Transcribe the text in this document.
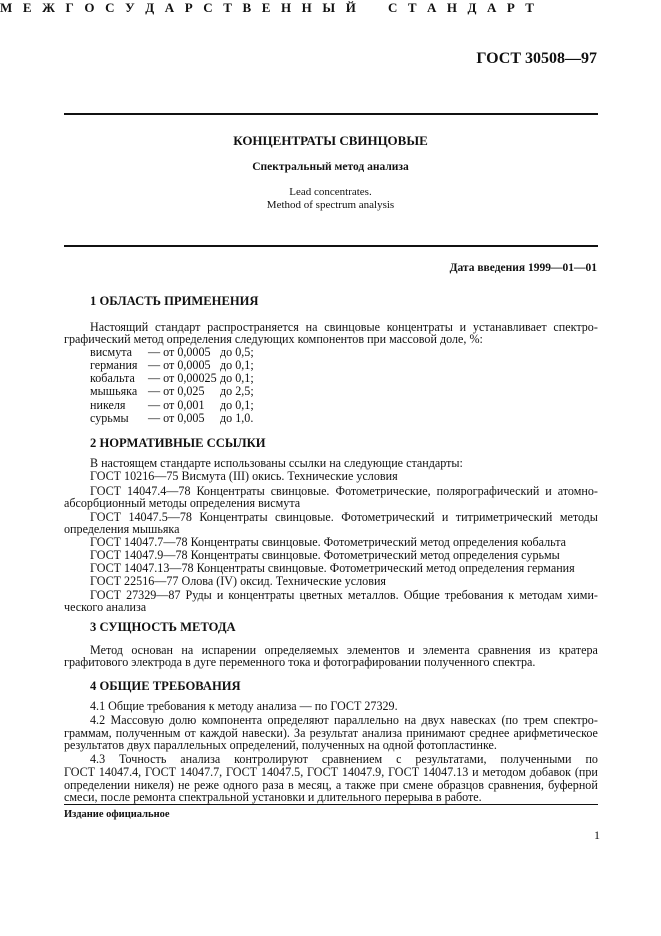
ГОСТ 30508—97
М Е Ж Г О С У Д А Р С Т В Е Н Н Ы Й С Т А Н Д А Р Т
КОНЦЕНТРАТЫ СВИНЦОВЫЕ
Спектральный метод анализа
Lead concentrates.
Method of spectrum analysis
Дата введения 1999—01—01
1 ОБЛАСТЬ ПРИМЕНЕНИЯ
Настоящий стандарт распространяется на свинцовые концентраты и устанавливает спектро-
графический метод определения следующих компонентов при массовой доле, %:
висмута — от 0,0005 до 0,5;
германия — от 0,0005 до 0,1;
кобальта — от 0,00025 до 0,1;
мышьяка — от 0,025 до 2,5;
никеля — от 0,001 до 0,1;
сурьмы — от 0,005 до 1,0.
2 НОРМАТИВНЫЕ ССЫЛКИ
В настоящем стандарте использованы ссылки на следующие стандарты:
ГОСТ 10216—75 Висмута (III) окись. Технические условия
ГОСТ 14047.4—78 Концентраты свинцовые. Фотометрические, полярографический и атомно-
абсорбционный методы определения висмута
ГОСТ 14047.5—78 Концентраты свинцовые. Фотометрический и титриметрический методы
определения мышьяка
ГОСТ 14047.7—78 Концентраты свинцовые. Фотометрический метод определения кобальта
ГОСТ 14047.9—78 Концентраты свинцовые. Фотометрический метод определения сурьмы
ГОСТ 14047.13—78 Концентраты свинцовые. Фотометрический метод определения германия
ГОСТ 22516—77 Олова (IV) оксид. Технические условия
ГОСТ 27329—87 Руды и концентраты цветных металлов. Общие требования к методам хими-
ческого анализа
3 СУЩНОСТЬ МЕТОДА
Метод основан на испарении определяемых элементов и элемента сравнения из кратера
графитового электрода в дуге переменного тока и фотографировании полученного спектра.
4 ОБЩИЕ ТРЕБОВАНИЯ
4.1 Общие требования к методу анализа — по ГОСТ 27329.
4.2 Массовую долю компонента определяют параллельно на двух навесках (по трем спектро-
граммам, полученным от каждой навески). За результат анализа принимают среднее арифметическое
результатов двух параллельных определений, полученных на одной фотопластинке.
4.3 Точность анализа контролируют сравнением с результатами, полученными по
ГОСТ 14047.4, ГОСТ 14047.7, ГОСТ 14047.5, ГОСТ 14047.9, ГОСТ 14047.13 и методом добавок (при
определении никеля) не реже одного раза в месяц, а также при смене образцов сравнения, буферной
смеси, после ремонта спектральной установки и длительного перерыва в работе.
Издание официальное
1
